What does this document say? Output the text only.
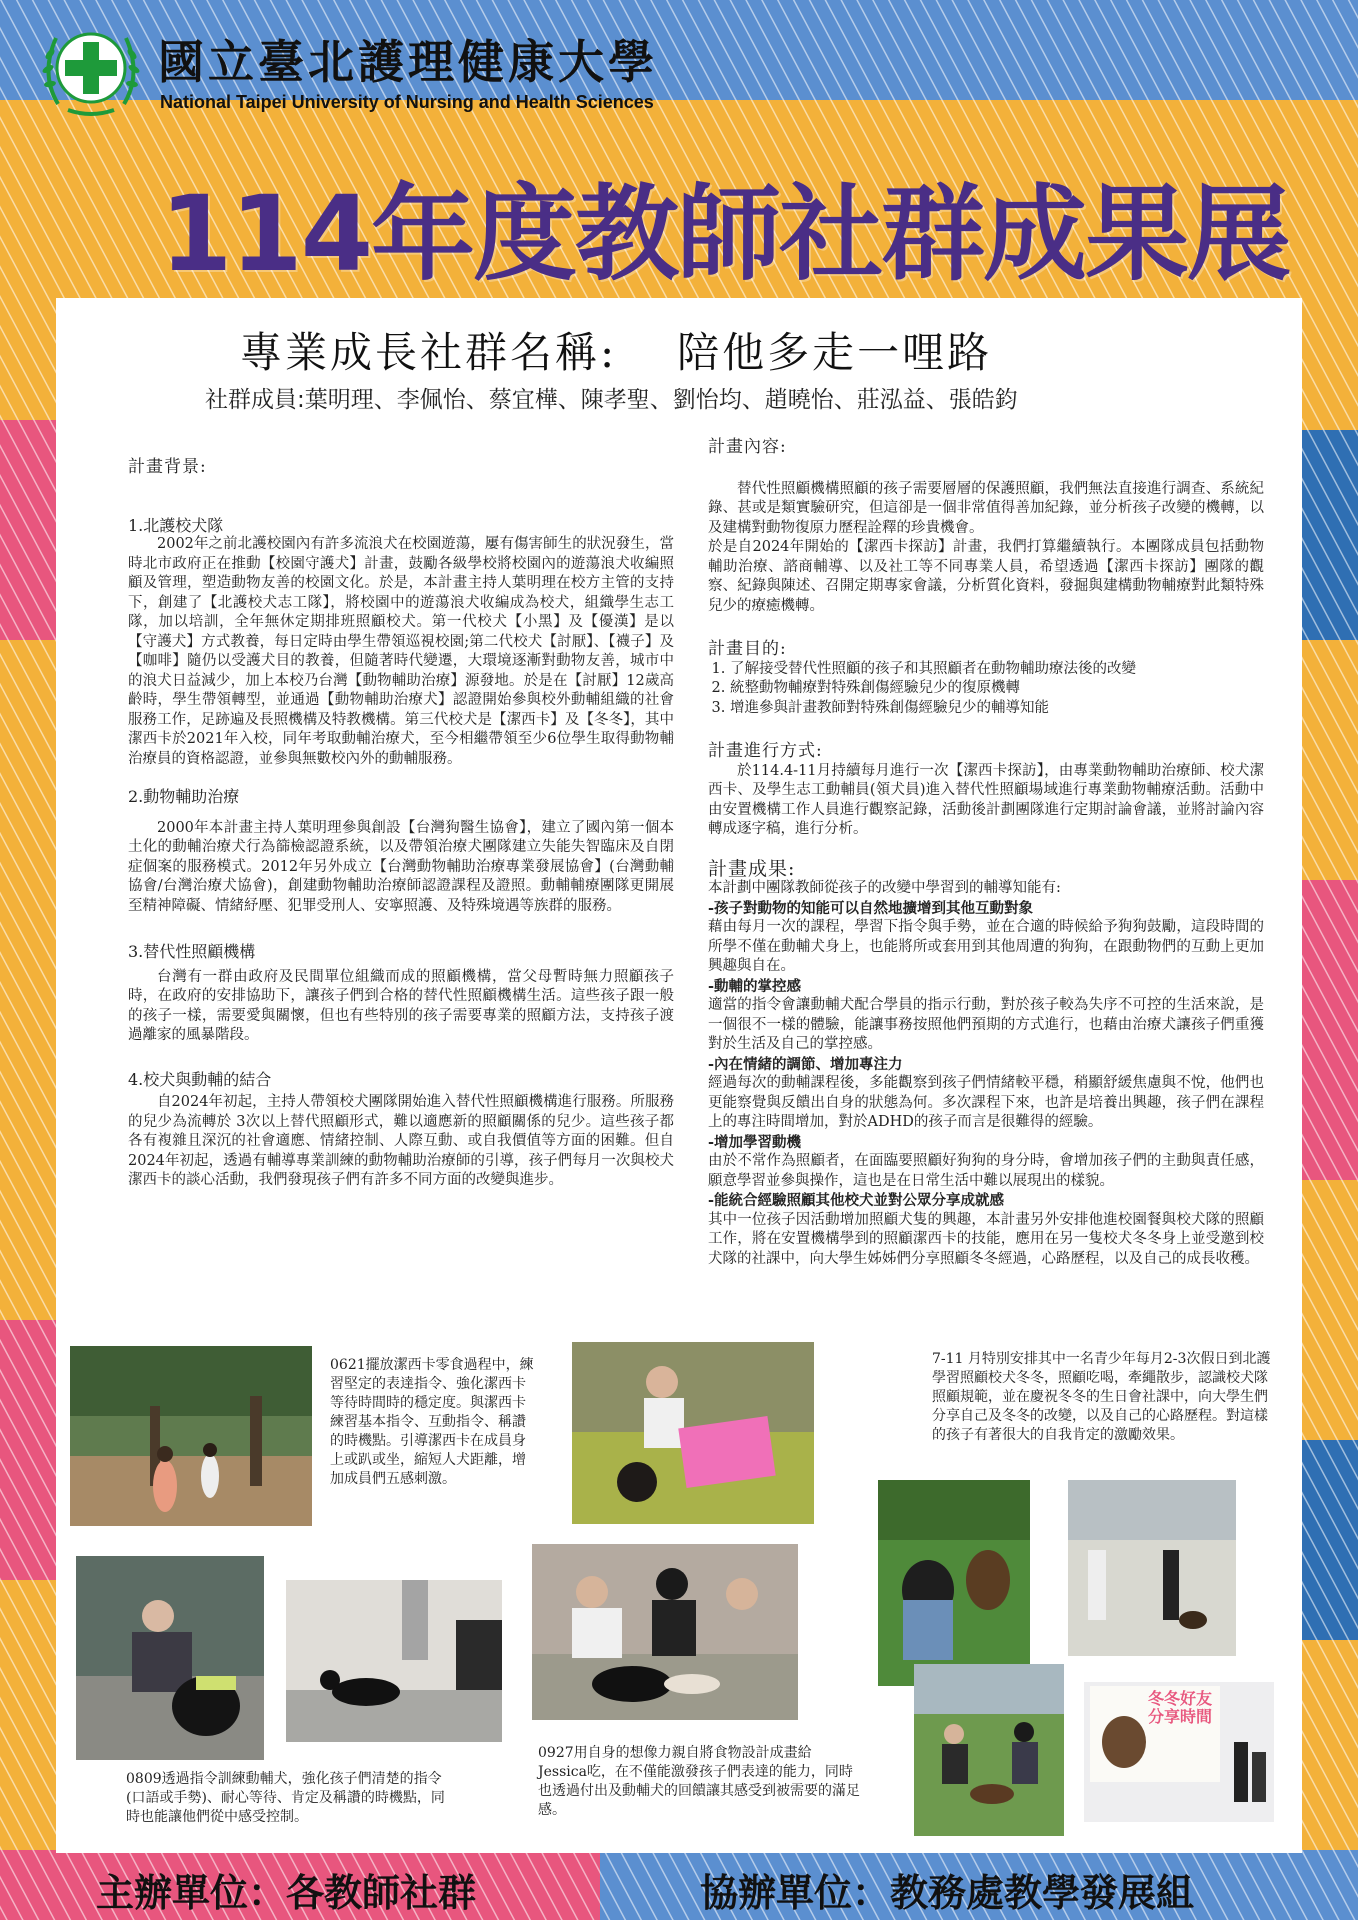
國立臺北護理健康大學
National Taipei University of Nursing and Health Sciences
114年度教師社群成果展
專業成長社群名稱: 陪他多走一哩路
社群成員:葉明理、李佩怡、蔡宜樺、陳孝聖、劉怡均、趙曉怡、莊泓益、張皓鈞
計畫背景:
1.北護校犬隊

2002年之前北護校園內有許多流浪犬在校園遊蕩，屢有傷害師生的狀況發生，當時北市政府正在推動【校園守護犬】計畫，鼓勵各級學校將校園內的遊蕩浪犬收編照顧及管理，塑造動物友善的校園文化。於是，本計畫主持人葉明理在校方主管的支持下，創建了【北護校犬志工隊】，將校園中的遊蕩浪犬收編成為校犬，組織學生志工隊，加以培訓，全年無休定期排班照顧校犬。第一代校犬【小黑】及【優漢】是以【守護犬】方式教養，每日定時由學生帶領巡視校園;第二代校犬【討厭】、【襪子】及【咖啡】隨仍以受護犬目的教養，但隨著時代變遷，大環境逐漸對動物友善，城市中的浪犬日益減少，加上本校乃台灣【動物輔助治療】源發地。於是在【討厭】12歲高齡時，學生帶領轉型，並通過【動物輔助治療犬】認證開始參與校外動輔組織的社會服務工作，足跡遍及長照機構及特教機構。第三代校犬是【潔西卡】及【冬冬】，其中潔西卡於2021年入校，同年考取動輔治療犬，至今相繼帶領至少6位學生取得動物輔治療員的資格認證，並參與無數校內外的動輔服務。

2.動物輔助治療

2000年本計畫主持人葉明理參與創設【台灣狗醫生協會】，建立了國內第一個本土化的動輔治療犬行為篩檢認證系統，以及帶領治療犬團隊建立失能失智臨床及自閉症個案的服務模式。2012年另外成立【台灣動物輔助治療專業發展協會】(台灣動輔協會/台灣治療犬協會)，創建動物輔助治療師認證課程及證照。動輔輔療團隊更開展至精神障礙、情緒紓壓、犯罪受刑人、安寧照護、及特殊境遇等族群的服務。

3.替代性照顧機構

台灣有一群由政府及民間單位組織而成的照顧機構，當父母暫時無力照顧孩子時，在政府的安排協助下，讓孩子們到合格的替代性照顧機構生活。這些孩子跟一般的孩子一樣，需要愛與關懷，但也有些特別的孩子需要專業的照顧方法，支持孩子渡過離家的風暴階段。

4.校犬與動輔的結合

自2024年初起，主持人帶領校犬團隊開始進入替代性照顧機構進行服務。所服務的兒少為流轉於 3次以上替代照顧形式，難以適應新的照顧關係的兒少。這些孩子都各有複雜且深沉的社會適應、情緒控制、人際互動、或自我價值等方面的困難。但自2024年初起，透過有輔導專業訓練的動物輔助治療師的引導，孩子們每月一次與校犬潔西卡的談心活動，我們發現孩子們有許多不同方面的改變與進步。

計畫內容:

替代性照顧機構照顧的孩子需要層層的保護照顧，我們無法直接進行調查、系統紀錄、甚或是類實驗研究，但這卻是一個非常值得善加紀錄，並分析孩子改變的機轉，以及建構對動物復原力歷程詮釋的珍貴機會。

於是自2024年開始的【潔西卡探訪】計畫，我們打算繼續執行。本團隊成員包括動物輔助治療、諮商輔導、以及社工等不同專業人員，希望透過【潔西卡探訪】團隊的觀察、紀錄與陳述、召開定期專家會議，分析質化資料，發掘與建構動物輔療對此類特殊兒少的療癒機轉。

計畫目的:
1. 了解接受替代性照顧的孩子和其照顧者在動物輔助療法後的改變
2. 統整動物輔療對特殊創傷經驗兒少的復原機轉
3. 增進參與計畫教師對特殊創傷經驗兒少的輔導知能
計畫進行方式:

於114.4-11月持續每月進行一次【潔西卡探訪】，由專業動物輔助治療師、校犬潔西卡、及學生志工動輔員(領犬員)進入替代性照顧場域進行專業動物輔療活動。活動中由安置機構工作人員進行觀察記錄，活動後計劃團隊進行定期討論會議，並將討論內容轉成逐字稿，進行分析。

計畫成果:

本計劃中團隊教師從孩子的改變中學習到的輔導知能有:

-孩子對動物的知能可以自然地擴增到其他互動對象

藉由每月一次的課程，學習下指令與手勢，並在合適的時候給予狗狗鼓勵，這段時間的所學不僅在動輔犬身上，也能將所或套用到其他周遭的狗狗，在跟動物們的互動上更加興趣與自在。

-動輔的掌控感

適當的指令會讓動輔犬配合學員的指示行動，對於孩子較為失序不可控的生活來說，是一個很不一樣的體驗，能讓事務按照他們預期的方式進行，也藉由治療犬讓孩子們重獲對於生活及自己的掌控感。

-內在情緒的調節、增加專注力

經過每次的動輔課程後，多能觀察到孩子們情緒較平穩，稍顯舒緩焦慮與不悅，他們也更能察覺與反饋出自身的狀態為何。多次課程下來，也許是培養出興趣，孩子們在課程上的專注時間增加，對於ADHD的孩子而言是很難得的經驗。

-增加學習動機

由於不常作為照顧者，在面臨要照顧好狗狗的身分時，會增加孩子們的主動與責任感，願意學習並參與操作，這也是在日常生活中難以展現出的樣貌。

-能統合經驗照顧其他校犬並對公眾分享成就感

其中一位孩子因活動增加照顧犬隻的興趣，本計畫另外安排他進校園餐與校犬隊的照顧工作，將在安置機構學到的照顧潔西卡的技能，應用在另一隻校犬冬冬身上並受邀到校犬隊的社課中，向大學生姊姊們分享照顧冬冬經過，心路歷程，以及自己的成長收穫。

0621擺放潔西卡零食過程中，練習堅定的表達指令、強化潔西卡等待時間時的穩定度。與潔西卡練習基本指令、互動指令、稱讚的時機點。引導潔西卡在成員身上或趴或坐，縮短人犬距離，增加成員們五感刺激。
7-11 月特別安排其中一名青少年每月2-3次假日到北護學習照顧校犬冬冬，照顧吃喝，牽繩散步，認識校犬隊照顧規範，並在慶祝冬冬的生日會社課中，向大學生們分享自己及冬冬的改變，以及自己的心路歷程。對這樣的孩子有著很大的自我肯定的激勵效果。
冬冬好友分享時間
0809透過指令訓練動輔犬，強化孩子們清楚的指令(口語或手勢)、耐心等待、肯定及稱讚的時機點，同時也能讓他們從中感受控制。
0927用自身的想像力親自將食物設計成畫給Jessica吃，在不僅能激發孩子們表達的能力，同時也透過付出及動輔犬的回饋讓其感受到被需要的滿足感。
主辦單位：各教師社群	協辦單位：教務處教學發展組
